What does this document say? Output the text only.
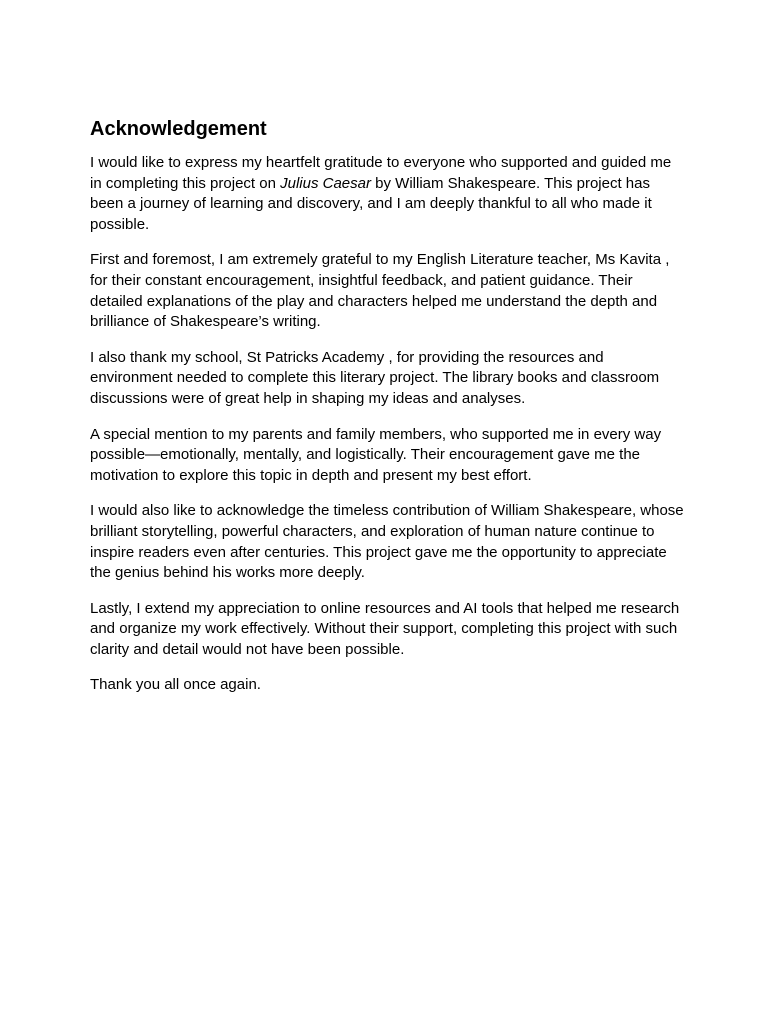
Acknowledgement

I would like to express my heartfelt gratitude to everyone who supported and guided me in completing this project on Julius Caesar by William Shakespeare. This project has been a journey of learning and discovery, and I am deeply thankful to all who made it possible.

First and foremost, I am extremely grateful to my English Literature teacher, Ms Kavita , for their constant encouragement, insightful feedback, and patient guidance. Their detailed explanations of the play and characters helped me understand the depth and brilliance of Shakespeare’s writing.

I also thank my school, St Patricks Academy , for providing the resources and environment needed to complete this literary project. The library books and classroom discussions were of great help in shaping my ideas and analyses.

A special mention to my parents and family members, who supported me in every way possible—emotionally, mentally, and logistically. Their encouragement gave me the motivation to explore this topic in depth and present my best effort.

I would also like to acknowledge the timeless contribution of William Shakespeare, whose brilliant storytelling, powerful characters, and exploration of human nature continue to inspire readers even after centuries. This project gave me the opportunity to appreciate the genius behind his works more deeply.

Lastly, I extend my appreciation to online resources and AI tools that helped me research and organize my work effectively. Without their support, completing this project with such clarity and detail would not have been possible.

Thank you all once again.
